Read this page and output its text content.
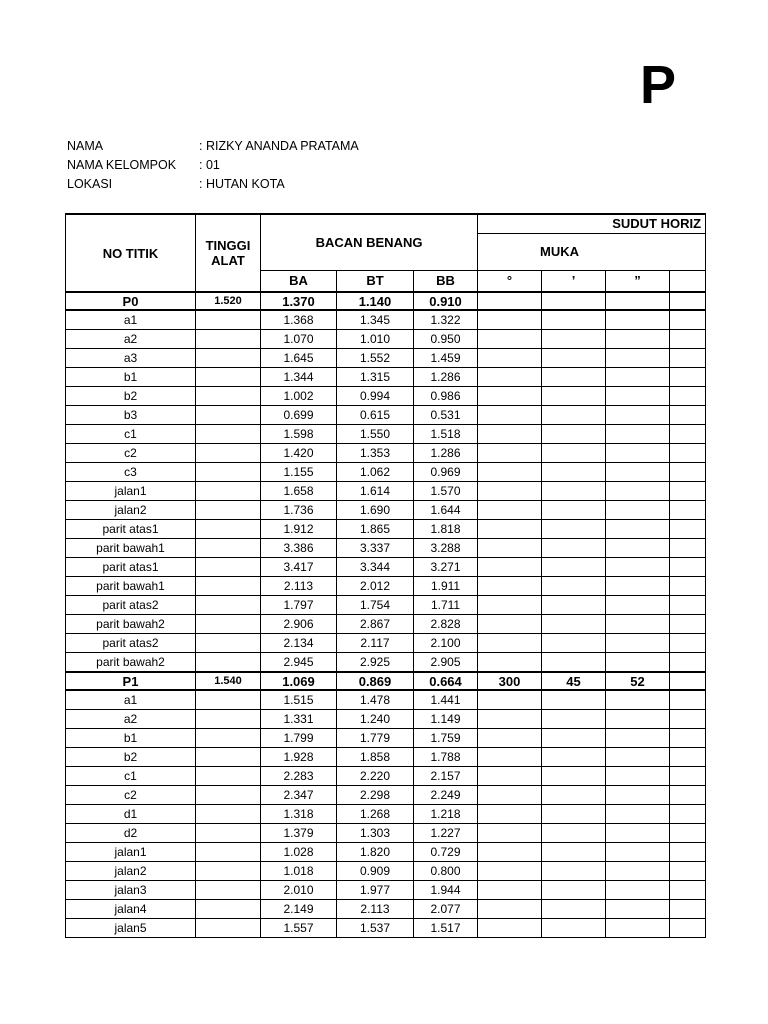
P
NAMA	: RIZKY ANANDA PRATAMA
NAMA KELOMPOK	: 01
LOKASI	: HUTAN KOTA
NO TITIK	TINGGI
ALAT	BACAN BENANG			SUDUT HORIZ			
					MUKA			
		BA	BT	BB	°	’	”	
P0	1.520	1.370	1.140	0.910				
a1		1.368	1.345	1.322				
a2		1.070	1.010	0.950				
a3		1.645	1.552	1.459				
b1		1.344	1.315	1.286				
b2		1.002	0.994	0.986				
b3		0.699	0.615	0.531				
c1		1.598	1.550	1.518				
c2		1.420	1.353	1.286				
c3		1.155	1.062	0.969				
jalan1		1.658	1.614	1.570				
jalan2		1.736	1.690	1.644				
parit atas1		1.912	1.865	1.818				
parit bawah1		3.386	3.337	3.288				
parit atas1		3.417	3.344	3.271				
parit bawah1		2.113	2.012	1.911				
parit atas2		1.797	1.754	1.711				
parit bawah2		2.906	2.867	2.828				
parit atas2		2.134	2.117	2.100				
parit bawah2		2.945	2.925	2.905				
P1	1.540	1.069	0.869	0.664	300	45	52	
a1		1.515	1.478	1.441				
a2		1.331	1.240	1.149				
b1		1.799	1.779	1.759				
b2		1.928	1.858	1.788				
c1		2.283	2.220	2.157				
c2		2.347	2.298	2.249				
d1		1.318	1.268	1.218				
d2		1.379	1.303	1.227				
jalan1		1.028	1.820	0.729				
jalan2		1.018	0.909	0.800				
jalan3		2.010	1.977	1.944				
jalan4		2.149	2.113	2.077				
jalan5		1.557	1.537	1.517				
